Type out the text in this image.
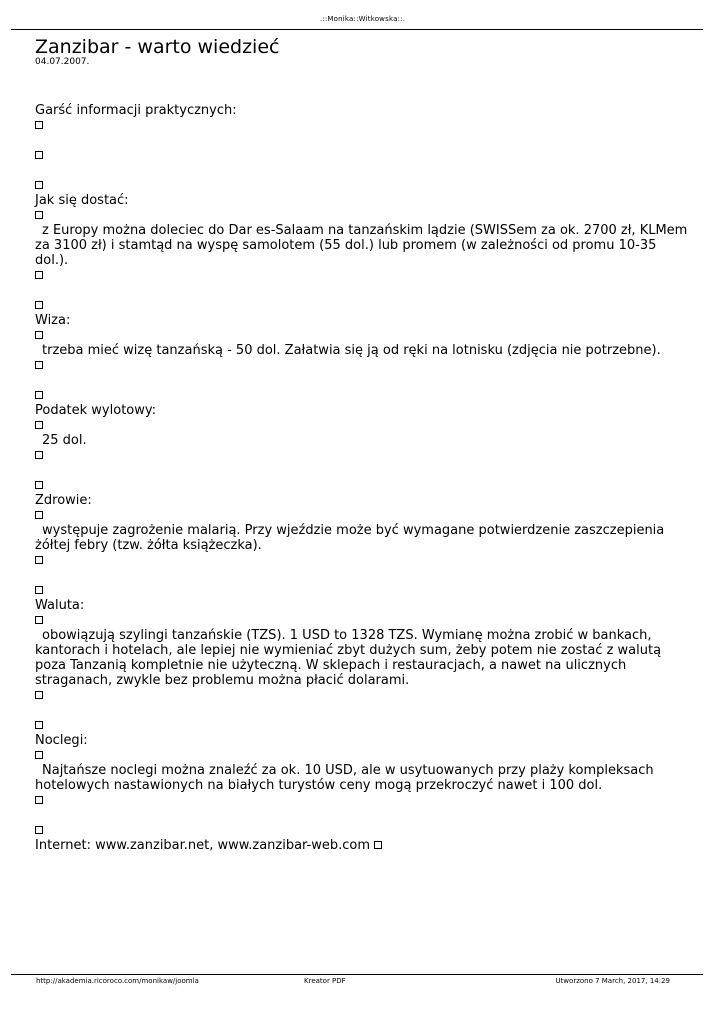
.::Monika::Witkowska::.
Zanzibar - warto wiedzieć
04.07.2007.
Garść informacji praktycznych:
Jak się dostać:
z Europy można doleciec do Dar es-Salaam na tanzańskim lądzie (SWISSem za ok. 2700 zł, KLMem za 3100 zł) i stamtąd na wyspę samolotem (55 dol.) lub promem (w zależności od promu 10-35 dol.).
Wiza:
trzeba mieć wizę tanzańską - 50 dol. Załatwia się ją od ręki na lotnisku (zdjęcia nie potrzebne).
Podatek wylotowy:
25 dol.
Zdrowie:
występuje zagrożenie malarią. Przy wjeździe może być wymagane potwierdzenie zaszczepienia żółtej febry (tzw. żółta książeczka).
Waluta:
obowiązują szylingi tanzańskie (TZS). 1 USD to 1328 TZS. Wymianę można zrobić w bankach, kantorach i hotelach, ale lepiej nie wymieniać zbyt dużych sum, żeby potem nie zostać z walutą poza Tanzanią kompletnie nie użyteczną. W sklepach i restauracjach, a nawet na ulicznych straganach, zwykle bez problemu można płacić dolarami.
Noclegi:
Najtańsze noclegi można znaleźć za ok. 10 USD, ale w usytuowanych przy plaży kompleksach hotelowych nastawionych na białych turystów ceny mogą przekroczyć nawet i 100 dol.
Internet: www.zanzibar.net, www.zanzibar-web.com
http://akademia.ricoroco.com/monikaw/joomla	Kreator PDF	Utworzono 7 March, 2017, 14:29
